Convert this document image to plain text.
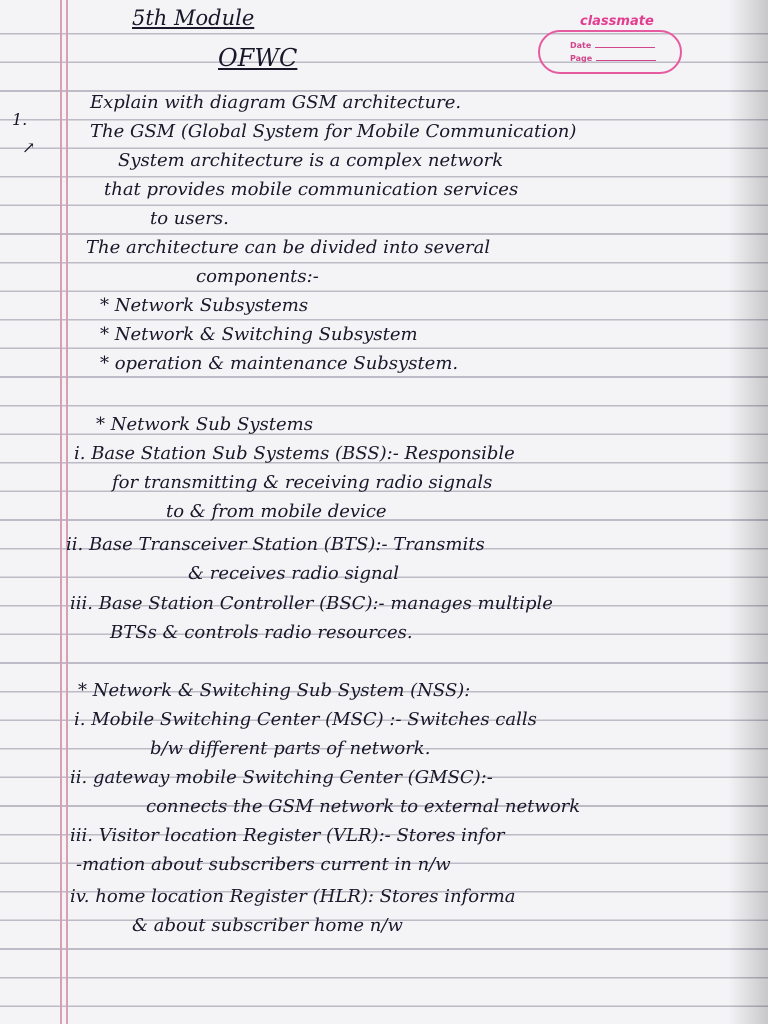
classmate
Date
Page
5th Module
OFWC
1.
↗
Explain with diagram GSM architecture.
The GSM (Global System for Mobile Communication)
System architecture is a complex network
that provides mobile communication services
to users.
The architecture can be divided into several
components:-
* Network Subsystems
* Network & Switching Subsystem
* operation & maintenance Subsystem.
* Network Sub Systems
i. Base Station Sub Systems (BSS):- Responsible
for transmitting & receiving radio signals
to & from mobile device
ii. Base Transceiver Station (BTS):- Transmits
& receives radio signal
iii. Base Station Controller (BSC):- manages multiple
BTSs & controls radio resources.
* Network & Switching Sub System (NSS):
i. Mobile Switching Center (MSC) :- Switches calls
b/w different parts of network.
ii. gateway mobile Switching Center (GMSC):-
connects the GSM network to external network
iii. Visitor location Register (VLR):- Stores infor
-mation about subscribers current in n/w
iv. home location Register (HLR): Stores informa
& about subscriber home n/w
